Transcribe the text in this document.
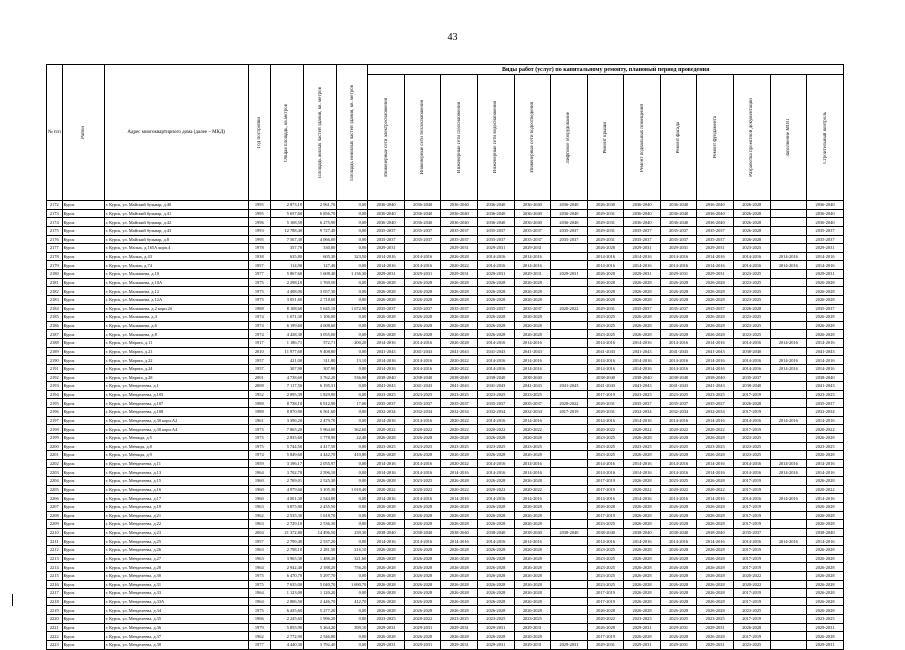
43
№ п/п	Район	Адрес многоквартирного дома (далее – МКД)	Год постройки	Общая площадь, кв.метров	Площадь жилых частей здания, кв. метров	Площадь нежилых частей здания, кв. метров	Виды работ (услуг) по капитальному ремонту, плановый период проведения												

							Инженерные сети электроснабжения	Инженерные сети теплоснабжения	Инженерные сети газоснабжения	Инженерные сети водоснабжения	Инженерные сети водоотведения	Лифтовое оборудование	Ремонт крыши	Ремонт подвальных помещений	Ремонт фасада	Ремонт фундамента	Разработка проектной документации	Заполнение МОП	Строительный контроль

2172	Курск	г. Курск, ул. Майский бульвар, д.40	1995	2 873,10	2 961,70	0,00	2036-2040	2036-2040	2036-2040	2036-2040	2036-2040	2036-2040	2026-2030	2036-2040	2036-2040	2036-2040	2026-2028		2036-2040
2173	Курск	г. Курск, ул. Майский бульвар, д.41	1995	5 657,60	6 856,70	0,00	2036-2040	2036-2040	2036-2040	2036-2040	2036-2040	2036-2040	2029-2031	2036-2040	2036-2040	2036-2040	2026-2028		2036-2040
2174	Курск	г. Курск, ул. Майский бульвар, д.42	1996	5 108,50	6 275,90	0,00	2036-2040	2036-2040	2036-2040	2036-2040	2036-2040	2036-2040	2029-2031	2036-2040	2036-2040	2036-2040	2026-2028		2036-2040
2175	Курск	г. Курск, ул. Майский бульвар, д.43	1993	12 788,40	9 727,40	0,00	2035-2037	2035-2037	2035-2037	2035-2037	2035-2037	2035-2037	2029-2031	2035-2037	2035-2037	2035-2037	2026-2028		2035-2037
2176	Курск	г. Курск, ул. Майский бульвар, д.8	1995	7 567,30	4 066,00	0,00	2035-2037	2035-2037	2035-2037	2035-2037	2035-2037	2035-2037	2029-2031	2035-2037	2035-2037	2035-2037	2026-2028		2035-2037
2177	Курск	г. Курск, ул. Малых, д.165А корп.4	1978	357,70	330,80	0,00	2029-2031		2029-2031	2029-2031	2029-2031		2026-2028	2029-2031	2029-2031	2029-2031	2023-2025		2029-2031
2178	Курск	г. Курск, ул. Малых, д.43	1938	635,80	605,30	323,50	2014-2016	2014-2016	2026-2028	2014-2016	2014-2016		2014-2016	2014-2016	2014-2016	2014-2016	2014-2016	2014-2016	2014-2016
2179	Курск	г. Курск, ул. Малых, д.74	1957	114,90	127,40	0,00	2014-2016	2014-2016	2020-2022	2014-2016	2014-2016		2014-2016	2014-2016	2014-2016	2014-2016	2014-2016	2014-2016	2014-2016
2180	Курск	г. Курск, ул. Малышева, д.10	1977	5 867,60	1 608,40	1 136,30	2029-2031	2029-2031	2029-2031	2029-2031	2029-2031	2029-2031	2026-2028	2029-2031	2029-2031	2029-2031	2023-2025		2029-2031
2181	Курск	г. Курск, ул. Малышева, д.10А	1975	2 298,10	1 769,50	0,00	2026-2028	2026-2028	2026-2028	2026-2028	2026-2028		2026-2028	2026-2028	2026-2028	2026-2028	2023-2025		2026-2028
2182	Курск	г. Курск, ул. Малышева, д.12	1975	4 408,00	3 057,30	0,00	2026-2028	2026-2028	2026-2028	2026-2028	2026-2028		2026-2028	2026-2028	2026-2028	2026-2028	2023-2025		2026-2028
2183	Курск	г. Курск, ул. Малышева, д.12А	1975	3 051,60	2 718,60	0,00	2026-2028	2026-2028	2026-2028	2026-2028	2026-2028		2026-2028	2026-2028	2026-2028	2026-2028	2023-2025		2026-2028
2184	Курск	г. Курск, ул. Малышева, д.2 корп.2б	1988	8 108,60	5 645,10	1 672,90	2035-2037	2035-2037	2035-2037	2035-2037	2035-2037	2020-2022	2029-2031	2035-2037	2035-2037	2035-2037	2026-2028		2035-2037
2185	Курск	г. Курск, ул. Малышева, д.4	1974	1 671,30	1 106,00	0,00	2026-2028	2026-2028	2026-2028	2026-2028	2026-2028		2023-2025	2026-2028	2026-2028	2026-2028	2023-2025		2026-2028
2186	Курск	г. Курск, ул. Малышева, д.6	1974	6 199,60	4 608,60	0,00	2026-2028	2026-2028	2026-2028	2026-2028	2026-2028		2023-2025	2026-2028	2026-2028	2026-2028	2023-2025		2026-2028
2187	Курск	г. Курск, ул. Малышева, д.8	1974	4 438,30	3 055,00	0,00	2026-2028	2026-2028	2026-2028	2026-2028	2026-2028		2023-2025	2026-2028	2026-2028	2026-2028	2023-2025		2026-2028
2188	Курск	г. Курск, ул. Марата, д.11	1917	1 186,71	572,71	200,20	2014-2016	2014-2016	2026-2028	2014-2016	2014-2016		2014-2016	2014-2016	2014-2016	2014-2016	2014-2016	2014-2016	2014-2016
2189	Курск	г. Курск, ул. Марата, д.21	2010	11 977,60	9 408,80	0,00	2041-2043	2041-2043	2041-2043	2041-2043	2041-2043		2041-2043	2041-2043	2041-2043	2041-2043	2038-2040		2041-2043
2190	Курск	г. Курск, ул. Марата, д.22	1957	421,00	311,80	13,10	2014-2016	2014-2016	2020-2022	2014-2016	2014-2016		2014-2016	2014-2016	2014-2016	2014-2016	2014-2016	2014-2016	2014-2016
2191	Курск	г. Курск, ул. Марата, д.24	1957	307,90	307,90	0,00	2014-2016	2014-2016	2020-2022	2014-2016	2014-2016		2014-2016	2014-2016	2014-2016	2014-2016	2014-2016	2014-2016	2014-2016
2192	Курск	г. Курск, ул. Марата, д.28	2001	4 738,60	3 762,20	536,80	2038-2040	2038-2040	2038-2040	2038-2040	2038-2040		2038-2040	2038-2040	2038-2040	2038-2040	2035-2037		2038-2040
2193	Курск	г. Курск, ул. Менделеева, д.1	2008	7 117,50	6 195,31	0,00	2041-2043	2041-2043	2041-2043	2041-2043	2041-2043	2041-2043	2041-2043	2041-2043	2041-2043	2041-2043	2038-2040		2041-2043
2194	Курск	г. Курск, ул. Менделеева, д.105	1952	2 095,39	1 829,90	0,00	2023-2025	2023-2025	2023-2025	2023-2025	2023-2025		2017-2019	2023-2025	2023-2025	2023-2025	2017-2019		2023-2025
2195	Курск	г. Курск, ул. Менделеева, д.107	1988	8 738,10	6 912,90	17,00	2035-2037	2035-2037	2035-2037	2035-2037	2035-2037	2020-2022	2029-2031	2035-2037	2035-2037	2035-2037	2026-2028		2035-2037
2196	Курск	г. Курск, ул. Менделеева, д.108	1988	8 870,90	6 561,60	0,00	2032-2034	2032-2034	2032-2034	2032-2034	2032-2034	2017-2019	2029-2031	2032-2034	2032-2034	2032-2034	2017-2019		2032-2034
2197	Курск	г. Курск, ул. Менделеева, д.30 корп.А2	1961	3 396,20	2 479,70	0,00	2014-2016	2014-2016	2020-2022	2014-2016	2014-2016		2014-2016	2014-2016	2014-2016	2014-2016	2014-2016	2014-2016	2014-2016
2198	Курск	г. Курск, ул. Менделеева, д.30 корп.А4	1975	7 865,20	5 964,60	362,60	2020-2022	2020-2022	2020-2022	2020-2022	2020-2022		2020-2022	2020-2022	2020-2022	2020-2022	2017-2019		2020-2022
2199	Курск	г. Курск, ул. Менжда, д.5	1975	2 835,60	1 778,90	22,40	2026-2028	2026-2028	2026-2028	2026-2028	2026-2028		2023-2025	2026-2028	2026-2028	2026-2028	2023-2025		2026-2028
2200	Курск	г. Курск, ул. Менжда, д.8	1975	5 744,50	4 417,50	0,00	2023-2025	2023-2025	2023-2025	2023-2025	2023-2025		2023-2025	2023-2025	2023-2025	2023-2025	2023-2025		2023-2025
2201	Курск	г. Курск, ул. Менжда, д.9	1974	5 849,60	4 442,70	410,80	2026-2028	2026-2028	2026-2028	2026-2028	2026-2028		2023-2025	2026-2028	2026-2028	2026-2028	2023-2025		2026-2028
2202	Курск	г. Курск, ул. Менделеева, д.11	1959	3 196,17	2 055,97	0,00	2014-2016	2014-2016	2020-2022	2014-2016	2014-2016		2014-2016	2014-2016	2014-2016	2014-2016	2014-2016	2014-2016	2014-2016
2203	Курск	г. Курск, ул. Менделеева, д.13	1964	3 702,70	2 596,10	0,00	2014-2016	2014-2016	2014-2016	2014-2016	2014-2016		2014-2016	2014-2016	2014-2016	2014-2016	2014-2016	2014-2016	2014-2016
2204	Курск	г. Курск, ул. Менделеева, д.15	1960	2 769,01	2 525,30	0,00	2026-2028	2023-2025	2026-2028	2026-2028	2026-2028		2017-2019	2026-2028	2023-2025	2026-2028	2017-2019		2026-2028
2205	Курск	г. Курск, ул. Менделеева, д.16	1960	4 979,60	3 105,30	1 018,40	2020-2022	2020-2022	2020-2022	2020-2022	2020-2022		2017-2019	2020-2022	2020-2022	2020-2022	2017-2019		2020-2022
2206	Курск	г. Курск, ул. Менделеева, д.17	1960	4 001,30	2 544,80	0,00	2014-2016	2014-2016	2014-2016	2014-2016	2014-2016		2014-2016	2014-2016	2014-2016	2014-2016	2014-2016	2014-2016	2014-2016
2207	Курск	г. Курск, ул. Менделеева, д.18	1963	3 875,90	2 435,50	0,00	2026-2028	2026-2028	2026-2028	2026-2028	2026-2028		2026-2028	2026-2028	2026-2028	2026-2028	2017-2019		2026-2028
2208	Курск	г. Курск, ул. Менделеева, д.21	1962	2 535,30	1 618,70	0,00	2026-2028	2026-2028	2026-2028	2026-2028	2026-2028		2017-2019	2026-2028	2026-2028	2026-2028	2017-2019		2026-2028
2209	Курск	г. Курск, ул. Менделеева, д.22	1963	2 729,10	2 536,30	0,00	2026-2028	2026-2028	2026-2028	2026-2028	2026-2028		2023-2025	2026-2028	2026-2028	2026-2028	2017-2019		2026-2028
2210	Курск	г. Курск, ул. Менделеева, д.23	2004	21 372,80	14 496,50	239,30	2038-2040	2038-2040	2038-2040	2038-2040	2038-2040	2038-2040	2038-2040	2038-2040	2038-2040	2038-2040	2035-2037		2038-2040
2211	Курск	г. Курск, ул. Менделеева, д.25	1957	2 799,40	2 537,20	0,00	2014-2016	2014-2016	2014-2016	2014-2016	2014-2016		2014-2016	2014-2016	2014-2016	2014-2016	2014-2016	2014-2016	2014-2016
2212	Курск	г. Курск, ул. Менделеева, д.26	1963	2 798,10	2 281,50	216,10	2026-2028	2026-2028	2026-2028	2026-2028	2026-2028		2023-2025	2026-2028	2026-2028	2026-2028	2017-2019		2026-2028
2213	Курск	г. Курск, ул. Менделеева, д.27	1963	3 965,30	1 488,20	321,60	2026-2028	2026-2028	2026-2028	2026-2028	2026-2028		2023-2025	2026-2028	2026-2028	2026-2028	2017-2019		2026-2028
2214	Курск	г. Курск, ул. Менделеева, д.28	1964	2 942,40	2 188,20	756,20	2026-2028	2026-2028	2026-2028	2026-2028	2026-2028		2023-2025	2026-2028	2026-2028	2026-2028	2017-2019		2026-2028
2215	Курск	г. Курск, ул. Менделеева, д.30	1975	6 470,70	5 297,70	0,00	2026-2028	2026-2028	2026-2028	2026-2028	2026-2028		2023-2025	2026-2028	2026-2028	2026-2028	2020-2022		2026-2028
2216	Курск	г. Курск, ул. Менделеева, д.31	1975	7 635,00	5 040,70	1 690,70	2026-2028	2026-2028	2026-2028	2026-2028	2026-2028		2023-2025	2026-2028	2026-2028	2026-2028	2020-2022		2026-2028
2217	Курск	г. Курск, ул. Менделеева, д.33	1964	1 123,00	1 120,20	0,00	2026-2028	2026-2028	2026-2028	2026-2028	2026-2028		2017-2019	2026-2028	2026-2028	2026-2028	2017-2019		2026-2028
2218	Курск	г. Курск, ул. Менделеева, д.33А	1964	2 806,50	2 446,70	412,70	2026-2028	2026-2028	2026-2028	2026-2028	2026-2028		2017-2019	2026-2028	2026-2028	2026-2028	2017-2019		2026-2028
2219	Курск	г. Курск, ул. Менделеева, д.34	1975	6 435,60	5 277,20	0,00	2026-2028	2026-2028	2026-2028	2026-2028	2026-2028		2026-2028	2026-2028	2026-2028	2026-2028	2023-2025		2026-2028
2220	Курск	г. Курск, ул. Менделеева, д.35	1966	2 245,65	1 996,20	0,00	2023-2025	2020-2022	2023-2025	2023-2025	2023-2025		2020-2022	2023-2025	2023-2025	2023-2025	2017-2019		2023-2025
2221	Курск	г. Курск, ул. Менделеева, д.36	1979	5 855,90	5 264,20	399,10	2029-2031	2029-2031	2029-2031	2029-2031	2029-2031		2026-2028	2029-2031	2029-2031	2029-2031	2026-2028		2029-2031
2222	Курск	г. Курск, ул. Менделеева, д.37	1962	2 772,90	2 546,80	0,00	2026-2028	2026-2028	2026-2028	2026-2028	2026-2028		2017-2019	2026-2028	2026-2028	2026-2028	2017-2019		2026-2028
2223	Курск	г. Курск, ул. Менделеева, д.38	1977	4 440,30	3 792,40	0,00	2029-2031	2029-2031	2029-2031	2029-2031	2029-2031	2029-2031	2029-2031	2029-2031	2029-2031	2029-2031	2023-2025		2029-2031
